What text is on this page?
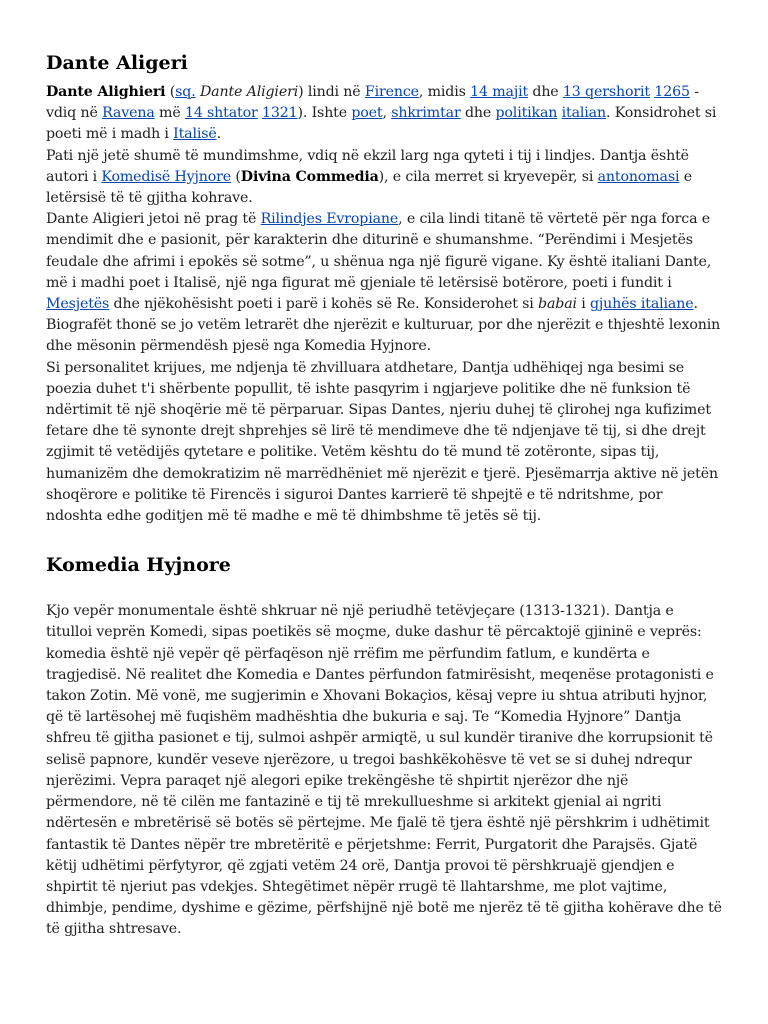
Dante Aligeri

Dante Alighieri (sq. Dante Aligieri) lindi në Firence, midis 14 majit dhe 13 qershorit 1265 - vdiq në Ravena më 14 shtator 1321). Ishte poet, shkrimtar dhe politikan italian. Konsidrohet si poeti më i madh i Italisë.

Pati një jetë shumë të mundimshme, vdiq në ekzil larg nga qyteti i tij i lindjes. Dantja është autori i Komedisë Hyjnore (Divina Commedia), e cila merret si kryevepër, si antonomasi e letërsisë të të gjitha kohrave.

Dante Aligieri jetoi në prag të Rilindjes Evropiane, e cila lindi titanë të vërtetë për nga forca e mendimit dhe e pasionit, për karakterin dhe diturinë e shumanshme. “Perëndimi i Mesjetës feudale dhe afrimi i epokës së sotme”, u shënua nga një figurë vigane. Ky është italiani Dante, më i madhi poet i Italisë, një nga figurat më gjeniale të letërsisë botërore, poeti i fundit i Mesjetës dhe njëkohësisht poeti i parë i kohës së Re. Konsiderohet si babai i gjuhës italiane. Biografët thonë se jo vetëm letrarët dhe njerëzit e kulturuar, por dhe njerëzit e thjeshtë lexonin dhe mësonin përmendësh pjesë nga Komedia Hyjnore.

Si personalitet krijues, me ndjenja të zhvilluara atdhetare, Dantja udhëhiqej nga besimi se poezia duhet t'i shërbente popullit, të ishte pasqyrim i ngjarjeve politike dhe në funksion të ndërtimit të një shoqërie më të përparuar. Sipas Dantes, njeriu duhej të çlirohej nga kufizimet fetare dhe të synonte drejt shprehjes së lirë të mendimeve dhe të ndjenjave të tij, si dhe drejt zgjimit të vetëdijës qytetare e politike. Vetëm kështu do të mund të zotëronte, sipas tij, humanizëm dhe demokratizim në marrëdhëniet më njerëzit e tjerë. Pjesëmarrja aktive në jetën shoqërore e politike të Firencës i siguroi Dantes karrierë të shpejtë e të ndritshme, por ndoshta edhe goditjen më të madhe e më të dhimbshme të jetës së tij.

Komedia Hyjnore

Kjo vepër monumentale është shkruar në një periudhë tetëvjeçare (1313-1321). Dantja e titulloi veprën Komedi, sipas poetikës së moçme, duke dashur të përcaktojë gjininë e veprës: komedia është një vepër që përfaqëson një rrëfim me përfundim fatlum, e kundërta e tragjedisë. Në realitet dhe Komedia e Dantes përfundon fatmirësisht, meqenëse protagonisti e takon Zotin. Më vonë, me sugjerimin e Xhovani Bokaçios, kësaj vepre iu shtua atributi hyjnor, që të lartësohej më fuqishëm madhështia dhe bukuria e saj. Te “Komedia Hyjnore” Dantja shfreu të gjitha pasionet e tij, sulmoi ashpër armiqtë, u sul kundër tiranive dhe korrupsionit të selisë papnore, kundër veseve njerëzore, u tregoi bashkëkohësve të vet se si duhej ndrequr njerëzimi. Vepra paraqet një alegori epike trekëngëshe të shpirtit njerëzor dhe një përmendore, në të cilën me fantazinë e tij të mrekullueshme si arkitekt gjenial ai ngriti ndërtesën e mbretërisë së botës së përtejme. Me fjalë të tjera është një përshkrim i udhëtimit fantastik të Dantes nëpër tre mbretëritë e përjetshme: Ferrit, Purgatorit dhe Parajsës. Gjatë këtij udhëtimi përfytyror, që zgjati vetëm 24 orë, Dantja provoi të përshkruajë gjendjen e shpirtit të njeriut pas vdekjes. Shtegëtimet nëpër rrugë të llahtarshme, me plot vajtime, dhimbje, pendime, dyshime e gëzime, përfshijnë një botë me njerëz të të gjitha kohërave dhe të të gjitha shtresave.
